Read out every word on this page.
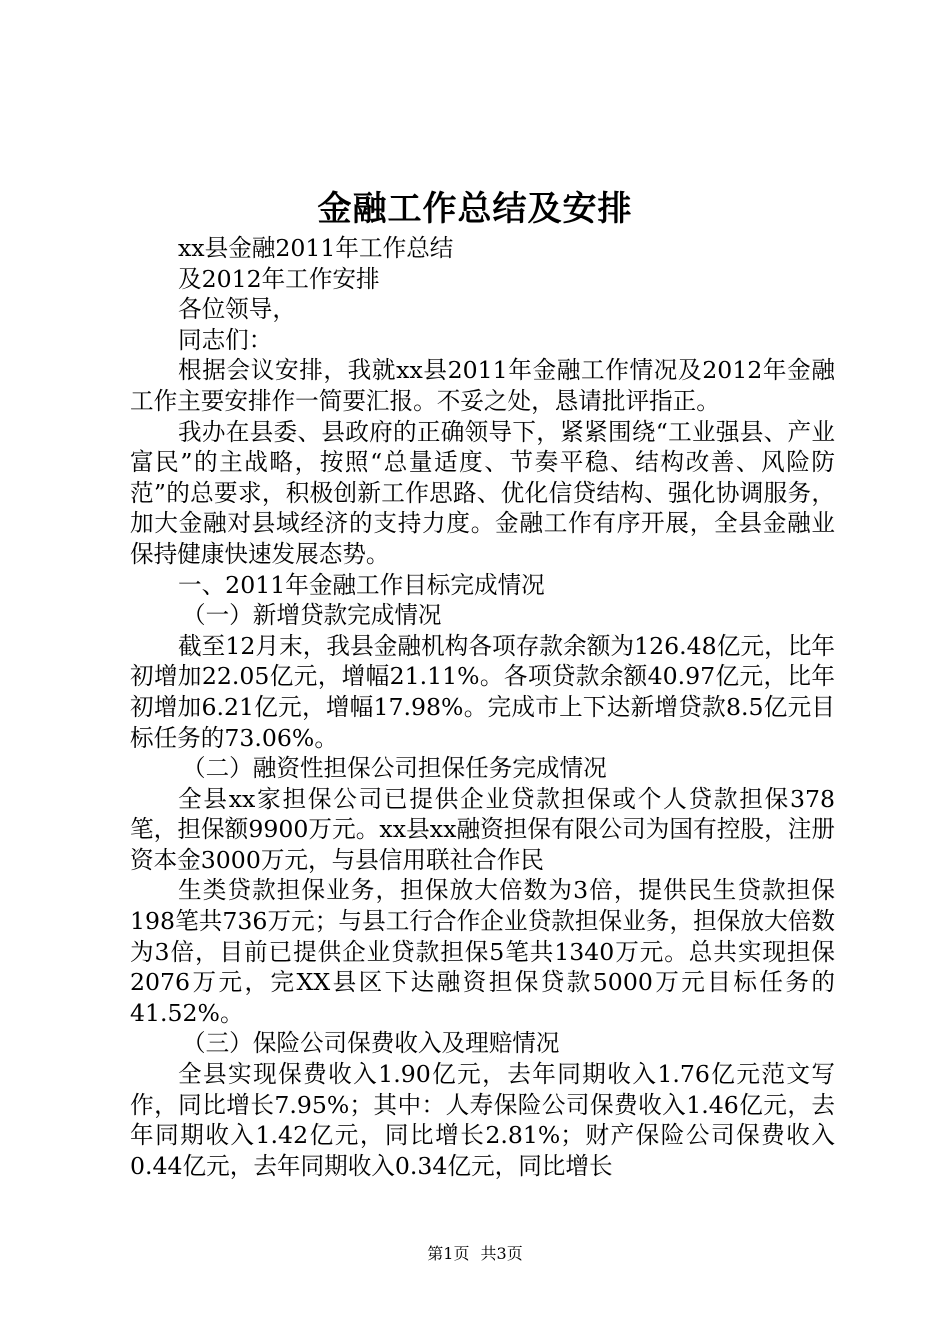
金融工作总结及安排

xx县金融2011年工作总结

及2012年工作安排

各位领导，

同志们：

根据会议安排，我就xx县2011年金融工作情况及2012年金融工作主要安排作一简要汇报。不妥之处，恳请批评指正。

我办在县委、县政府的正确领导下，紧紧围绕“工业强县、产业富民”的主战略，按照“总量适度、节奏平稳、结构改善、风险防范”的总要求，积极创新工作思路、优化信贷结构、强化协调服务，加大金融对县域经济的支持力度。金融工作有序开展，全县金融业保持健康快速发展态势。

一、2011年金融工作目标完成情况

（一）新增贷款完成情况

截至12月末，我县金融机构各项存款余额为126.48亿元，比年初增加22.05亿元，增幅21.11%。各项贷款余额40.97亿元，比年初增加6.21亿元，增幅17.98%。完成市上下达新增贷款8.5亿元目标任务的73.06%。

（二）融资性担保公司担保任务完成情况

全县xx家担保公司已提供企业贷款担保或个人贷款担保378笔，担保额9900万元。xx县xx融资担保有限公司为国有控股，注册资本金3000万元，与县信用联社合作民

生类贷款担保业务，担保放大倍数为3倍，提供民生贷款担保198笔共736万元；与县工行合作企业贷款担保业务，担保放大倍数为3倍，目前已提供企业贷款担保5笔共1340万元。总共实现担保2076万元，完XX县区下达融资担保贷款5000万元目标任务的41.52%。

（三）保险公司保费收入及理赔情况

全县实现保费收入1.90亿元，去年同期收入1.76亿元范文写作，同比增长7.95%；其中：人寿保险公司保费收入1.46亿元，去年同期收入1.42亿元，同比增长2.81%；财产保险公司保费收入0.44亿元，去年同期收入0.34亿元，同比增长

第1页 共3页
